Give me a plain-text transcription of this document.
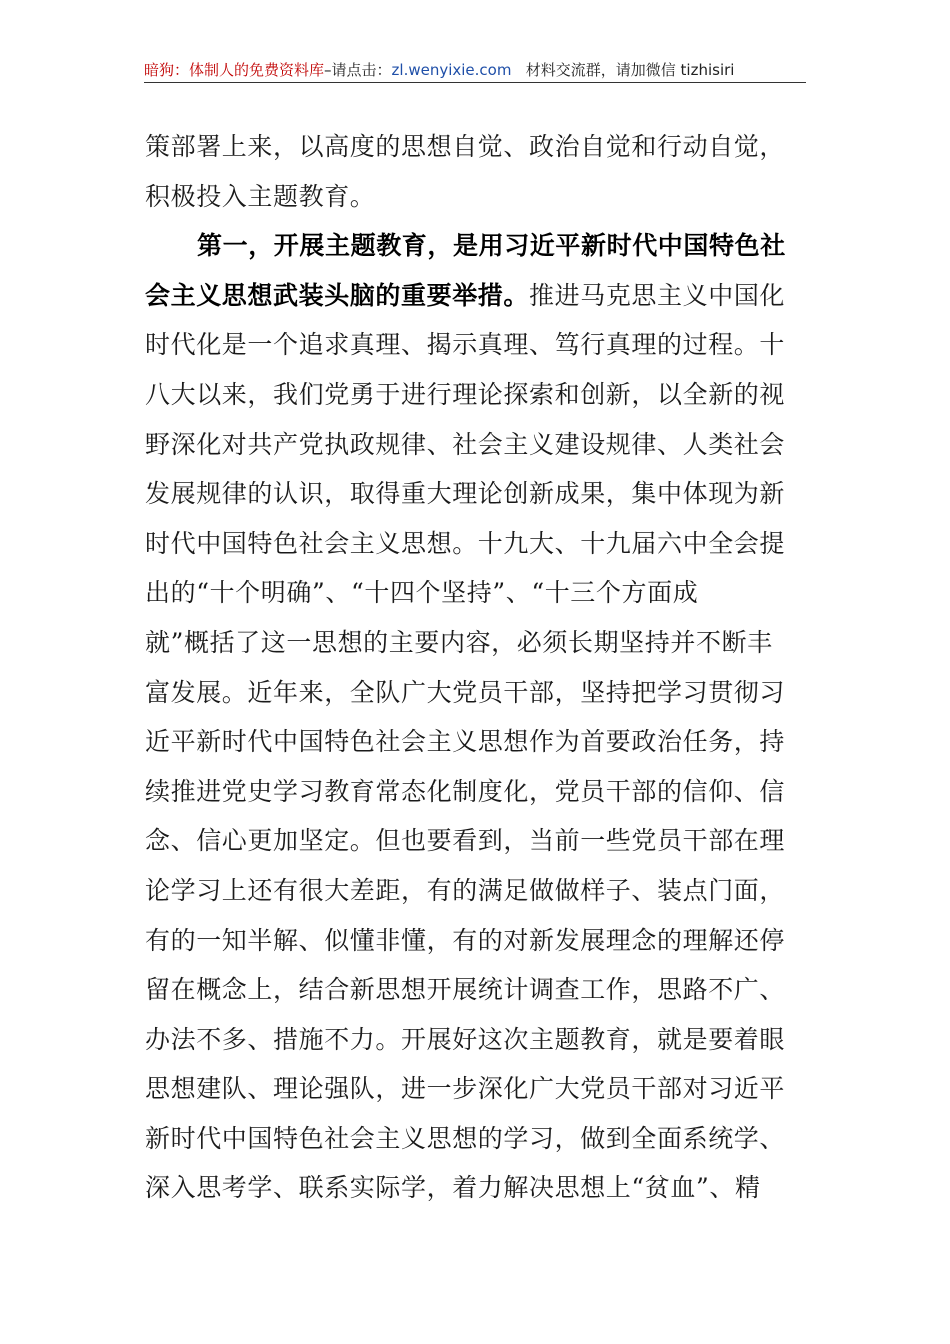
暗狗：体制人的免费资料库–请点击：zl.wenyixie.com 材料交流群，请加微信 tizhisiri
策部署上来，以高度的思想自觉、政治自觉和行动自觉，
积极投入主题教育。
第一，开展主题教育，是用习近平新时代中国特色社
会主义思想武装头脑的重要举措。 推进马克思主义中国化
时代化是一个追求真理、揭示真理、笃行真理的过程。十
八大以来，我们党勇于进行理论探索和创新，以全新的视
野深化对共产党执政规律、社会主义建设规律、人类社会
发展规律的认识，取得重大理论创新成果，集中体现为新
时代中国特色社会主义思想。十九大、十九届六中全会提
出的“十个明确”、“十四个坚持”、“十三个方面成
就”概括了这一思想的主要内容，必须长期坚持并不断丰
富发展。近年来，全队广大党员干部，坚持把学习贯彻习
近平新时代中国特色社会主义思想作为首要政治任务，持
续推进党史学习教育常态化制度化，党员干部的信仰、信
念、信心更加坚定。但也要看到，当前一些党员干部在理
论学习上还有很大差距，有的满足做做样子、装点门面，
有的一知半解、似懂非懂，有的对新发展理念的理解还停
留在概念上，结合新思想开展统计调查工作，思路不广、
办法不多、措施不力。开展好这次主题教育，就是要着眼
思想建队、理论强队，进一步深化广大党员干部对习近平
新时代中国特色社会主义思想的学习，做到全面系统学、
深入思考学、联系实际学，着力解决思想上“贫血”、精
